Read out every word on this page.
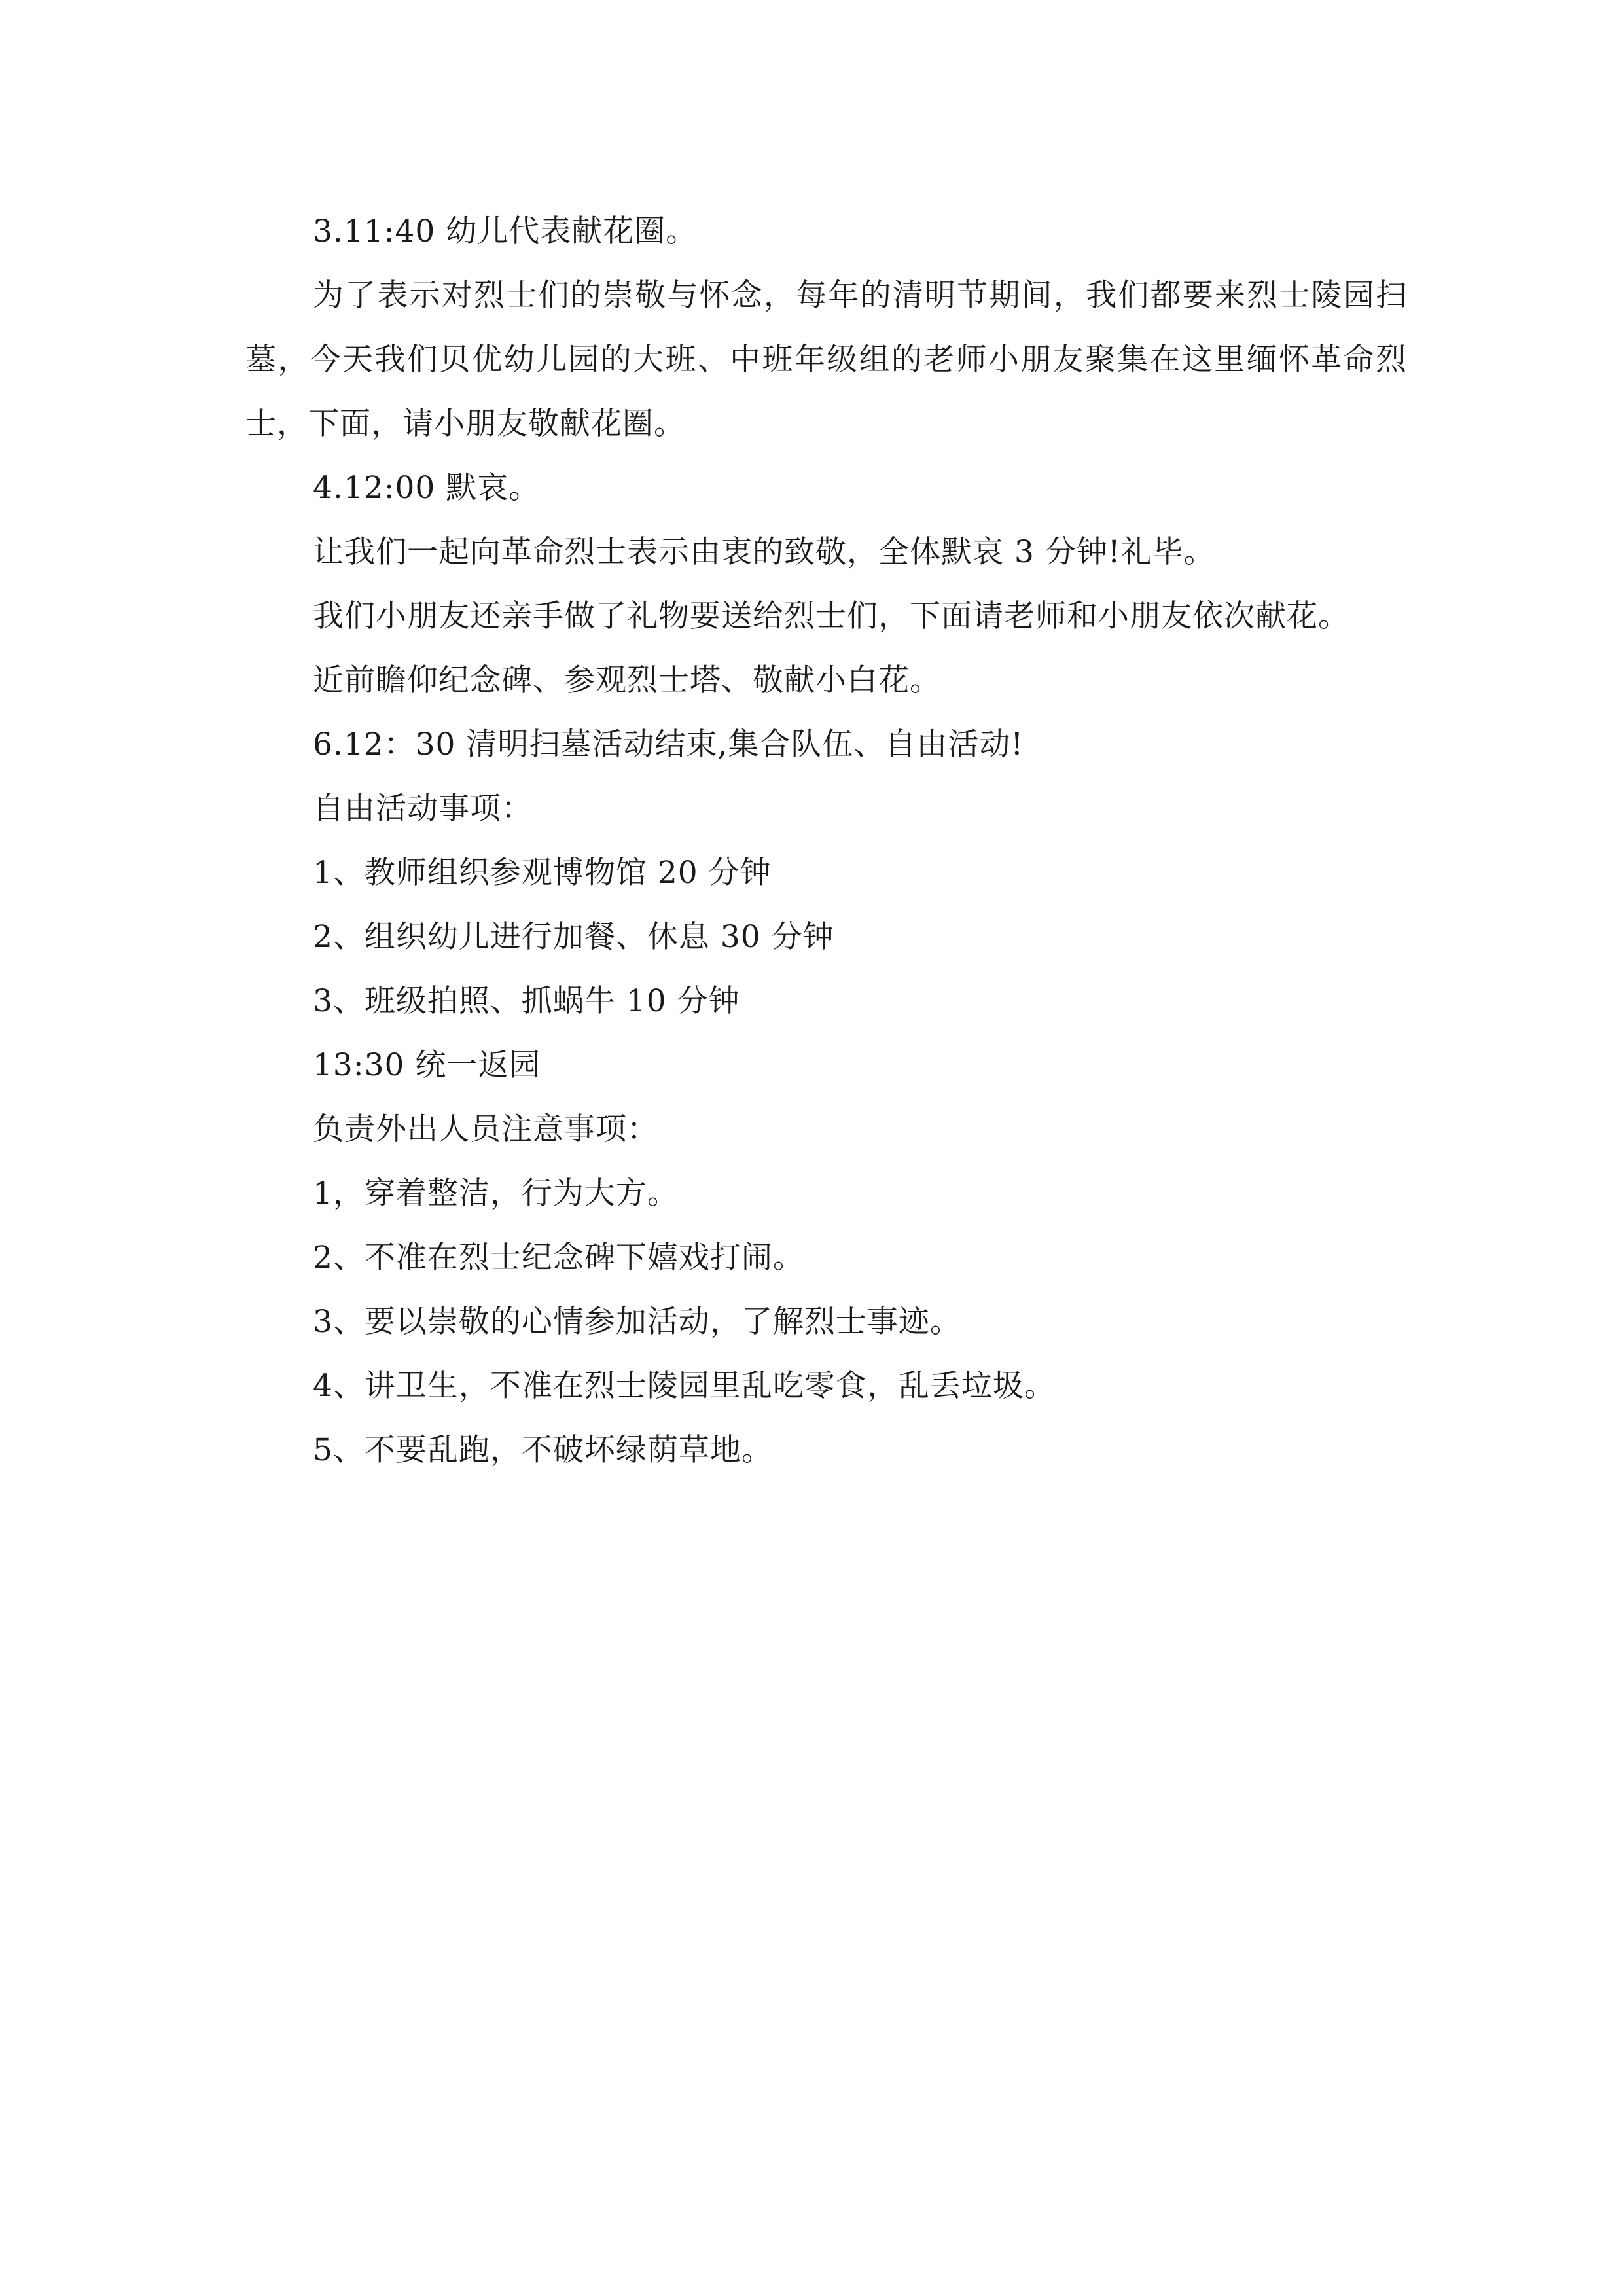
3.11:40 幼儿代表献花圈。

为了表示对烈士们的崇敬与怀念，每年的清明节期间，我们都要来烈士陵园扫墓，今天我们贝优幼儿园的大班、中班年级组的老师小朋友聚集在这里缅怀革命烈士，下面，请小朋友敬献花圈。

4.12:00 默哀。

让我们一起向革命烈士表示由衷的致敬，全体默哀 3 分钟!礼毕。

我们小朋友还亲手做了礼物要送给烈士们，下面请老师和小朋友依次献花。

近前瞻仰纪念碑、参观烈士塔、敬献小白花。

6.12：30 清明扫墓活动结束,集合队伍、自由活动!

自由活动事项：

1、教师组织参观博物馆 20 分钟

2、组织幼儿进行加餐、休息 30 分钟

3、班级拍照、抓蜗牛 10 分钟

13:30 统一返园

负责外出人员注意事项：

1，穿着整洁，行为大方。

2、不准在烈士纪念碑下嬉戏打闹。

3、要以崇敬的心情参加活动，了解烈士事迹。

4、讲卫生，不准在烈士陵园里乱吃零食，乱丢垃圾。

5、不要乱跑，不破坏绿荫草地。
